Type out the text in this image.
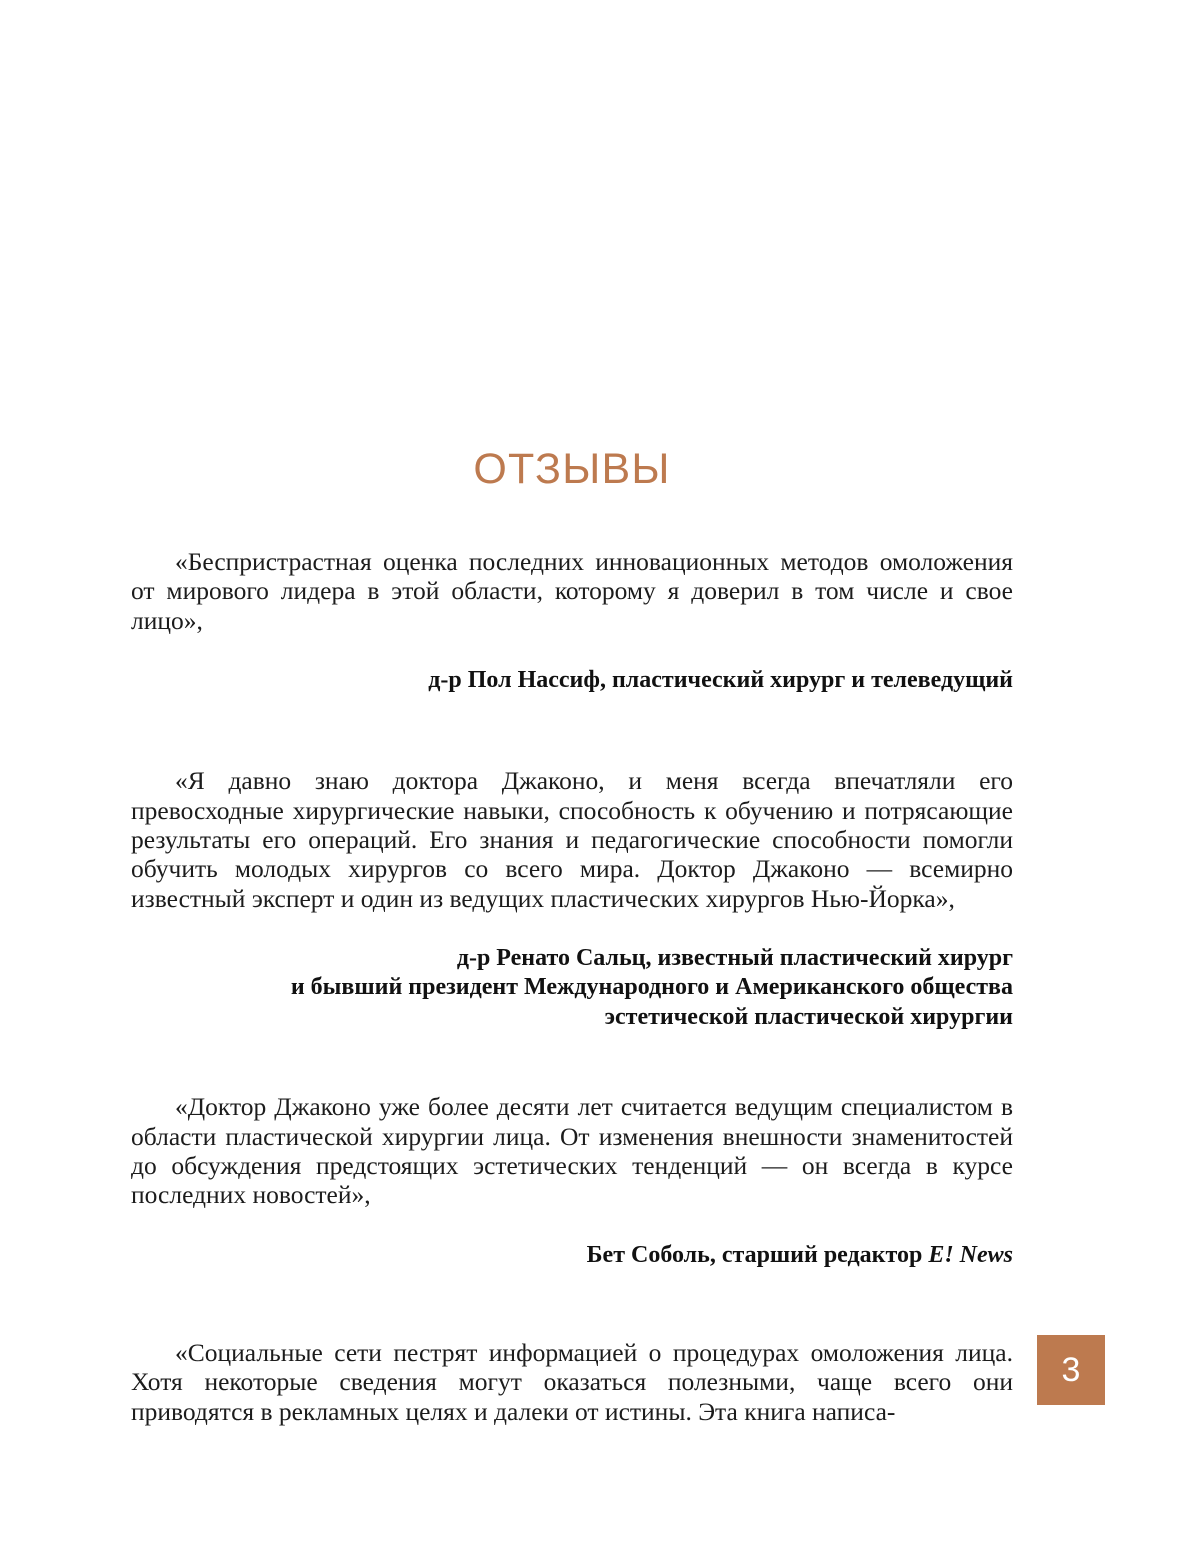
ОТЗЫВЫ

«Беспристрастная оценка последних инновационных методов омоложения от мирового лидера в этой области, которому я доверил в том числе и свое лицо»,

д-р Пол Нассиф, пластический хирург и телеведущий

«Я давно знаю доктора Джаконо, и меня всегда впечатляли его превосходные хирургические навыки, способность к обучению и потрясающие результаты его операций. Его знания и педагогические способности помогли обучить молодых хирургов со всего мира. Доктор Джаконо — всемирно известный эксперт и один из ведущих пластических хирургов Нью-Йорка»,

д-р Ренато Сальц, известный пластический хирург

и бывший президент Международного и Американского общества

эстетической пластической хирургии

«Доктор Джаконо уже более десяти лет считается ведущим специалистом в области пластической хирургии лица. От изменения внешности знаменитостей до обсуждения предстоящих эстетических тенденций — он всегда в курсе последних новостей»,

Бет Соболь, старший редактор E! News

«Социальные сети пестрят информацией о процедурах омоложения лица. Хотя некоторые сведения могут оказаться полезными, чаще всего они приводятся в рекламных целях и далеки от истины. Эта книга написа-

3
